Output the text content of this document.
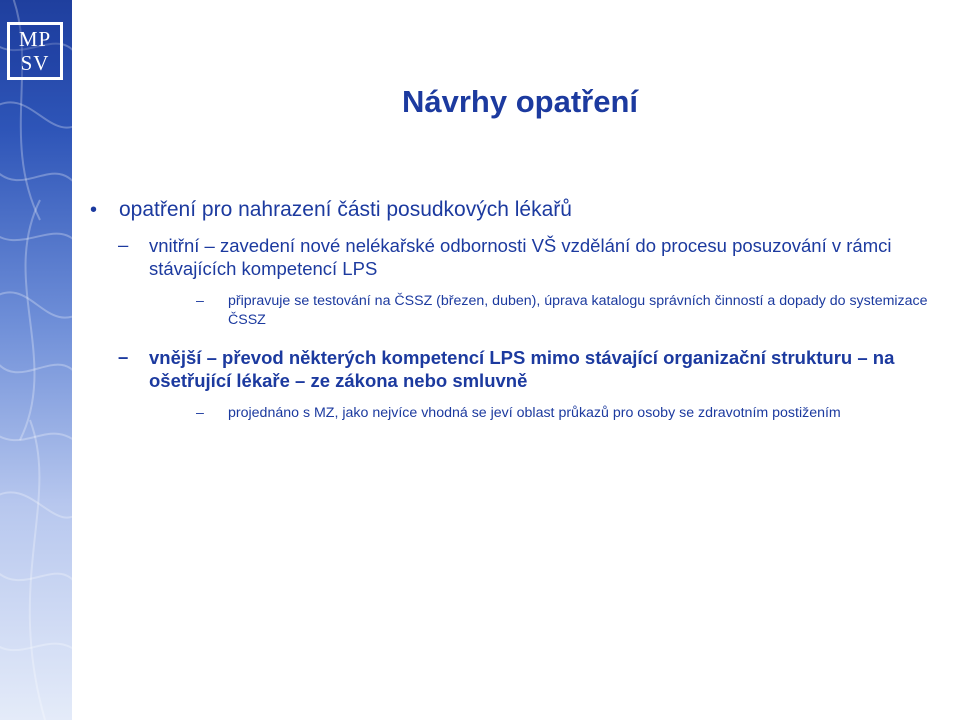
MP
SV
Návrhy opatření
• opatření pro nahrazení části posudkových lékařů
– vnitřní – zavedení nové nelékařské odbornosti VŠ vzdělání do procesu posuzování v rámci stávajících kompetencí LPS
– připravuje se testování na ČSSZ (březen, duben), úprava katalogu správních činností a dopady do systemizace ČSSZ
– vnější – převod některých kompetencí LPS mimo stávající organizační strukturu – na ošetřující lékaře – ze zákona nebo smluvně
– projednáno s MZ, jako nejvíce vhodná se jeví oblast průkazů pro osoby se zdravotním postižením
